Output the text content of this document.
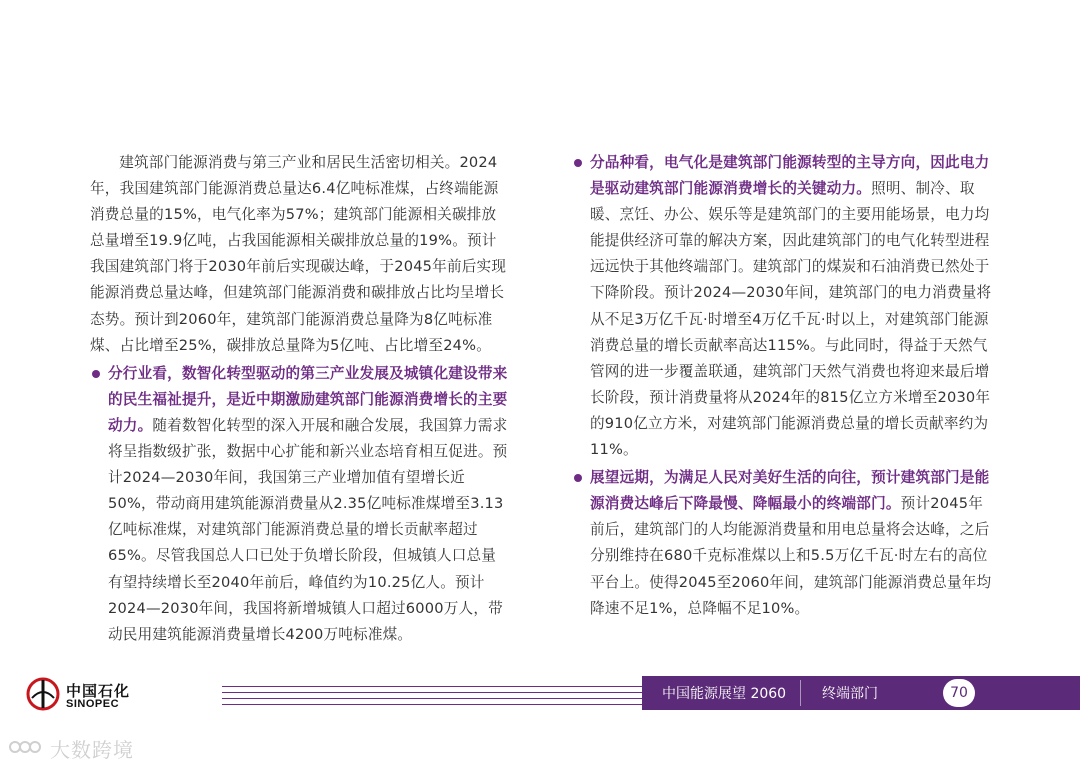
建筑部门能源消费与第三产业和居民生活密切相关。2024年，我国建筑部门能源消费总量达6.4亿吨标准煤，占终端能源消费总量的15%，电气化率为57%；建筑部门能源相关碳排放总量增至19.9亿吨，占我国能源相关碳排放总量的19%。预计我国建筑部门将于2030年前后实现碳达峰，于2045年前后实现能源消费总量达峰，但建筑部门能源消费和碳排放占比均呈增长态势。预计到2060年，建筑部门能源消费总量降为8亿吨标准煤、占比增至25%，碳排放总量降为5亿吨、占比增至24%。

分行业看，数智化转型驱动的第三产业发展及城镇化建设带来的民生福祉提升，是近中期激励建筑部门能源消费增长的主要动力。随着数智化转型的深入开展和融合发展，我国算力需求将呈指数级扩张，数据中心扩能和新兴业态培育相互促进。预计2024—2030年间，我国第三产业增加值有望增长近50%，带动商用建筑能源消费量从2.35亿吨标准煤增至3.13亿吨标准煤，对建筑部门能源消费总量的增长贡献率超过65%。尽管我国总人口已处于负增长阶段，但城镇人口总量有望持续增长至2040年前后，峰值约为10.25亿人。预计2024—2030年间，我国将新增城镇人口超过6000万人，带动民用建筑能源消费量增长4200万吨标准煤。

分品种看，电气化是建筑部门能源转型的主导方向，因此电力是驱动建筑部门能源消费增长的关键动力。照明、制冷、取暖、烹饪、办公、娱乐等是建筑部门的主要用能场景，电力均能提供经济可靠的解决方案，因此建筑部门的电气化转型进程远远快于其他终端部门。建筑部门的煤炭和石油消费已然处于下降阶段。预计2024—2030年间，建筑部门的电力消费量将从不足3万亿千瓦·时增至4万亿千瓦·时以上，对建筑部门能源消费总量的增长贡献率高达115%。与此同时，得益于天然气管网的进一步覆盖联通，建筑部门天然气消费也将迎来最后增长阶段，预计消费量将从2024年的815亿立方米增至2030年的910亿立方米，对建筑部门能源消费总量的增长贡献率约为11%。

展望远期，为满足人民对美好生活的向往，预计建筑部门是能源消费达峰后下降最慢、降幅最小的终端部门。预计2045年前后，建筑部门的人均能源消费量和用电总量将会达峰，之后分别维持在680千克标准煤以上和5.5万亿千瓦·时左右的高位平台上。使得2045至2060年间，建筑部门能源消费总量年均降速不足1%，总降幅不足10%。

中国石化
SINOPEC
中国能源展望 2060	终端部门	70
大数跨境
